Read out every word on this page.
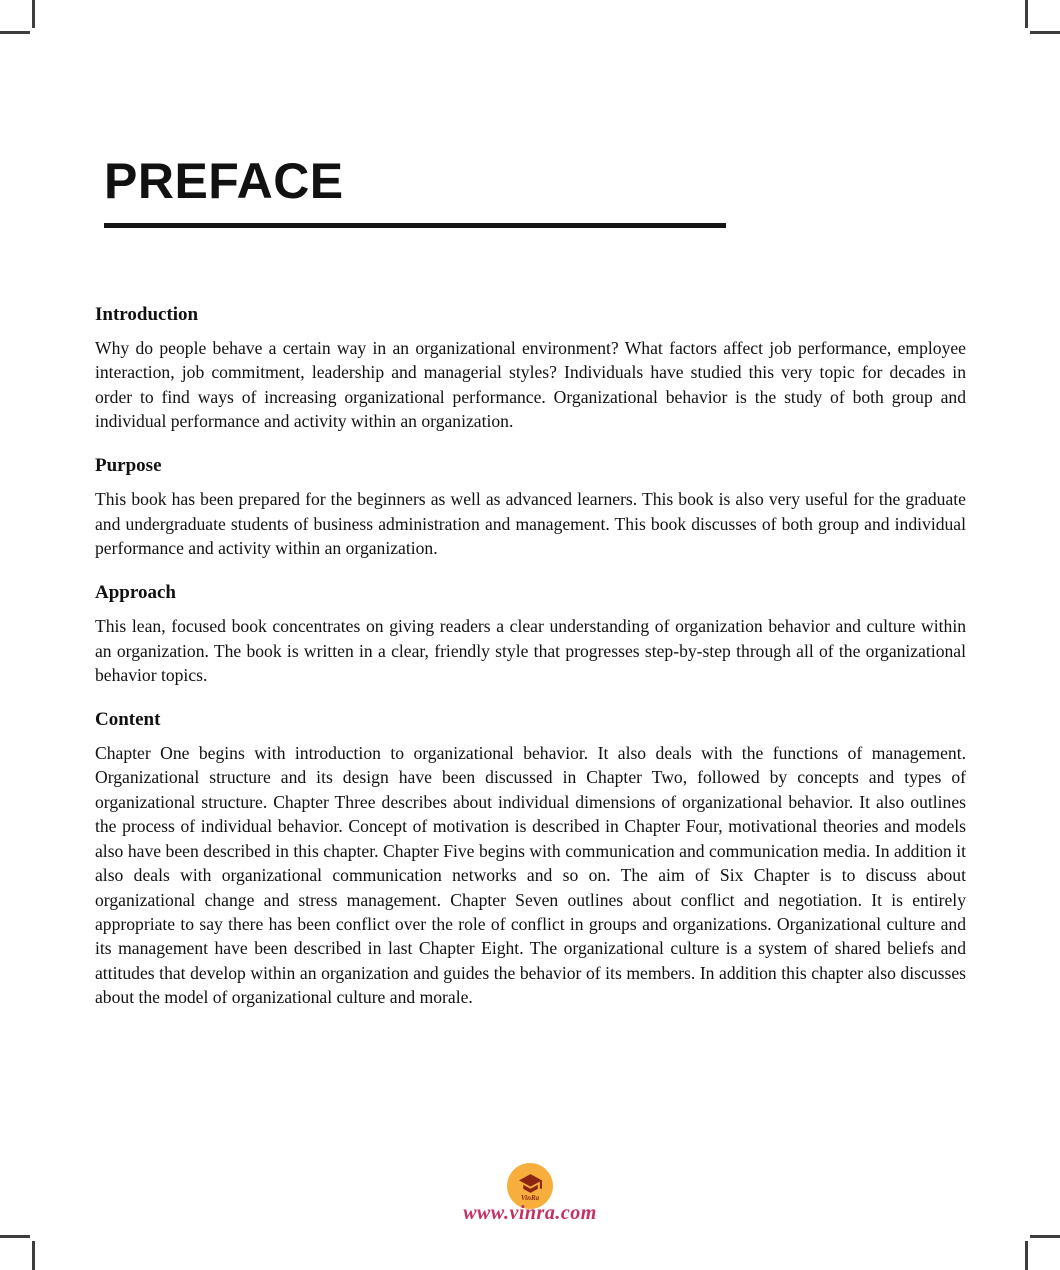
PREFACE
Introduction

Why do people behave a certain way in an organizational environment? What factors affect job performance, employee interaction, job commitment, leadership and managerial styles? Individuals have studied this very topic for decades in order to find ways of increasing organizational performance. Organizational behavior is the study of both group and individual performance and activity within an organization.

Purpose

This book has been prepared for the beginners as well as advanced learners. This book is also very useful for the graduate and undergraduate students of business administration and management. This book discusses of both group and individual performance and activity within an organization.

Approach

This lean, focused book concentrates on giving readers a clear understanding of organization behavior and culture within an organization. The book is written in a clear, friendly style that progresses step-by-step through all of the organizational behavior topics.

Content

Chapter One begins with introduction to organizational behavior. It also deals with the functions of management. Organizational structure and its design have been discussed in Chapter Two, followed by concepts and types of organizational structure. Chapter Three describes about individual dimensions of organizational behavior. It also outlines the process of individual behavior. Concept of motivation is described in Chapter Four, motivational theories and models also have been described in this chapter. Chapter Five begins with communication and communication media. In addition it also deals with organizational communication networks and so on. The aim of Six Chapter is to discuss about organizational change and stress management. Chapter Seven outlines about conflict and negotiation. It is entirely appropriate to say there has been conflict over the role of conflict in groups and organizations. Organizational culture and its management have been described in last Chapter Eight. The organizational culture is a system of shared beliefs and attitudes that develop within an organization and guides the behavior of its members. In addition this chapter also discusses about the model of organizational culture and morale.

VinRa
www.vinra.com
